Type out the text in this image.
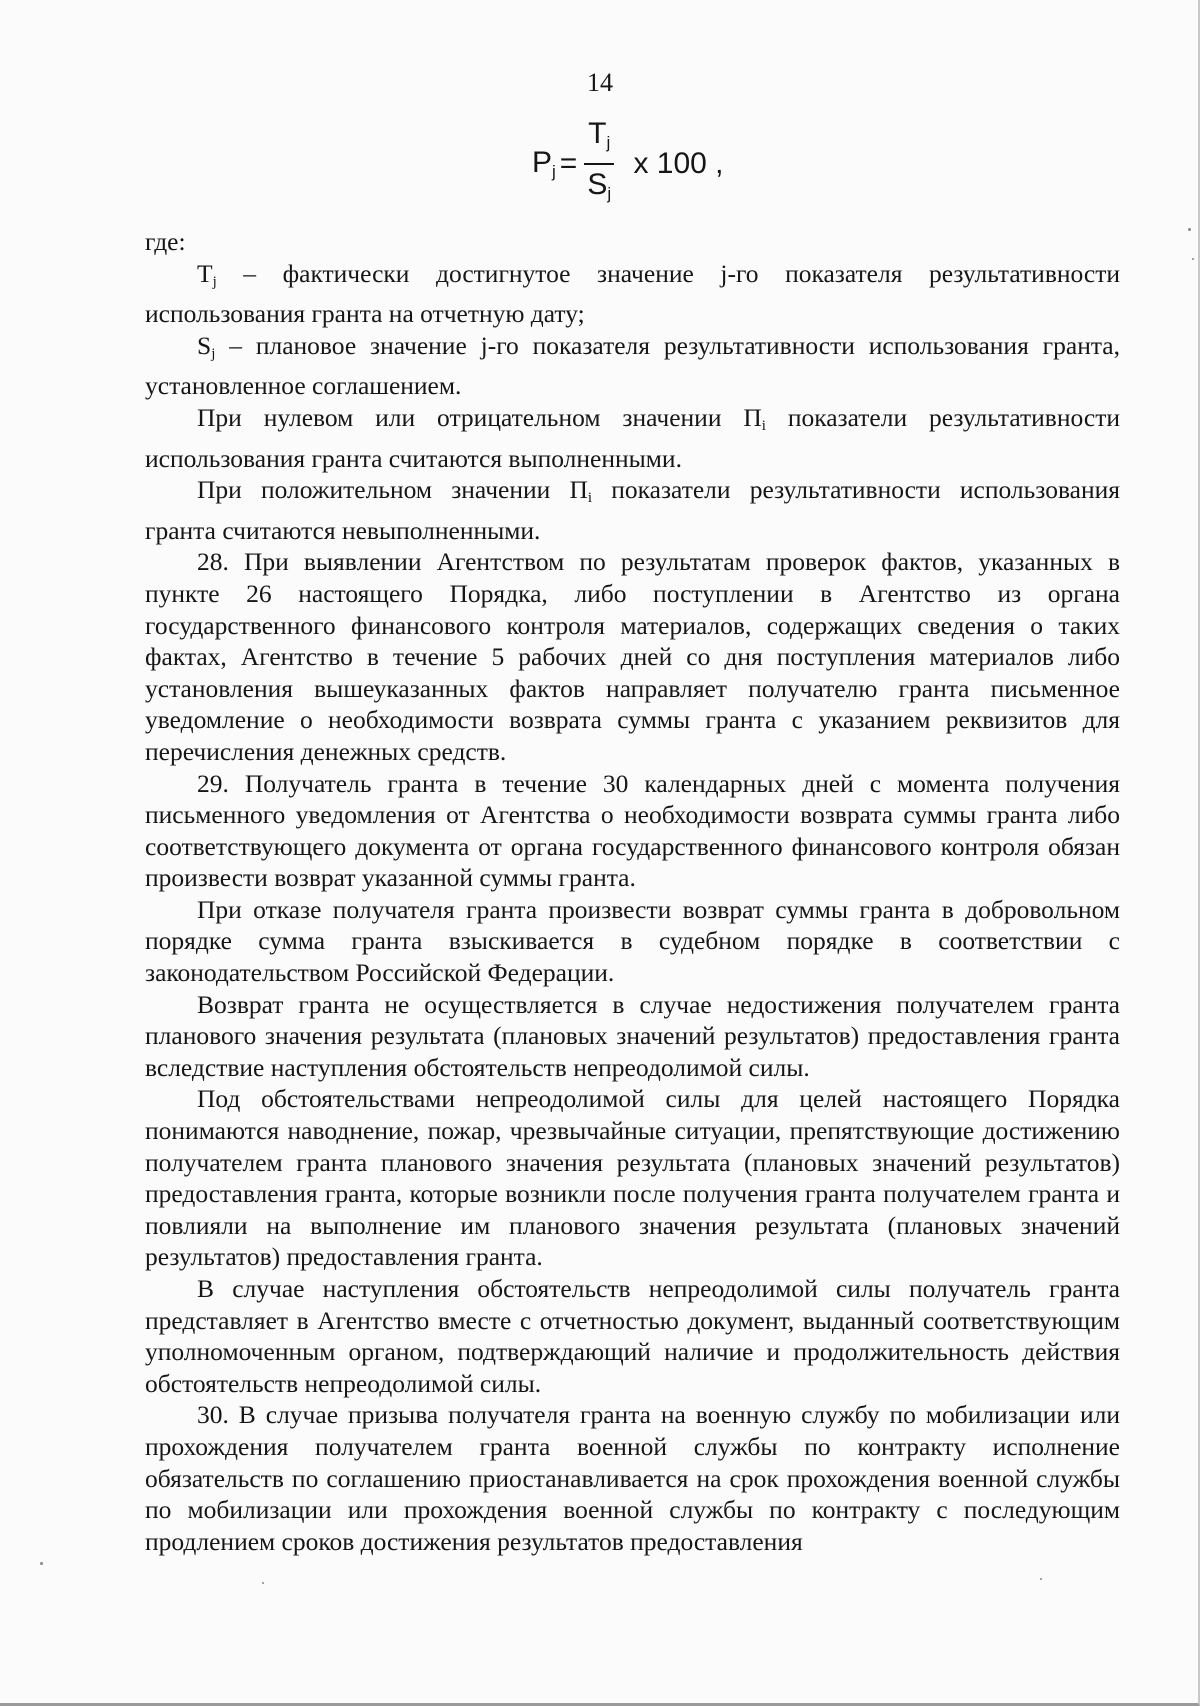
14
$P_j = \frac{T_j}{S_j}$ x 100 ,

где:

$T_j$ – фактически достигнутое значение j-го показателя результативности использования гранта на отчетную дату;

$S_j$ – плановое значение j-го показателя результативности использования гранта, установленное соглашением.

При нулевом или отрицательном значении $П_i$ показатели результативности использования гранта считаются выполненными.

При положительном значении $П_i$ показатели результативности использования гранта считаются невыполненными.

28. При выявлении Агентством по результатам проверок фактов, указанных в пункте 26 настоящего Порядка, либо поступлении в Агентство из органа государственного финансового контроля материалов, содержащих сведения о таких фактах, Агентство в течение 5 рабочих дней со дня поступления материалов либо установления вышеуказанных фактов направляет получателю гранта письменное уведомление о необходимости возврата суммы гранта с указанием реквизитов для перечисления денежных средств.

29. Получатель гранта в течение 30 календарных дней с момента получения письменного уведомления от Агентства о необходимости возврата суммы гранта либо соответствующего документа от органа государственного финансового контроля обязан произвести возврат указанной суммы гранта.

При отказе получателя гранта произвести возврат суммы гранта в добровольном порядке сумма гранта взыскивается в судебном порядке в соответствии с законодательством Российской Федерации.

Возврат гранта не осуществляется в случае недостижения получателем гранта планового значения результата (плановых значений результатов) предоставления гранта вследствие наступления обстоятельств непреодолимой силы.

Под обстоятельствами непреодолимой силы для целей настоящего Порядка понимаются наводнение, пожар, чрезвычайные ситуации, препятствующие достижению получателем гранта планового значения результата (плановых значений результатов) предоставления гранта, которые возникли после получения гранта получателем гранта и повлияли на выполнение им планового значения результата (плановых значений результатов) предоставления гранта.

В случае наступления обстоятельств непреодолимой силы получатель гранта представляет в Агентство вместе с отчетностью документ, выданный соответствующим уполномоченным органом, подтверждающий наличие и продолжительность действия обстоятельств непреодолимой силы.

30. В случае призыва получателя гранта на военную службу по мобилизации или прохождения получателем гранта военной службы по контракту исполнение обязательств по соглашению приостанавливается на срок прохождения военной службы по мобилизации или прохождения военной службы по контракту с последующим продлением сроков достижения результатов предоставления
